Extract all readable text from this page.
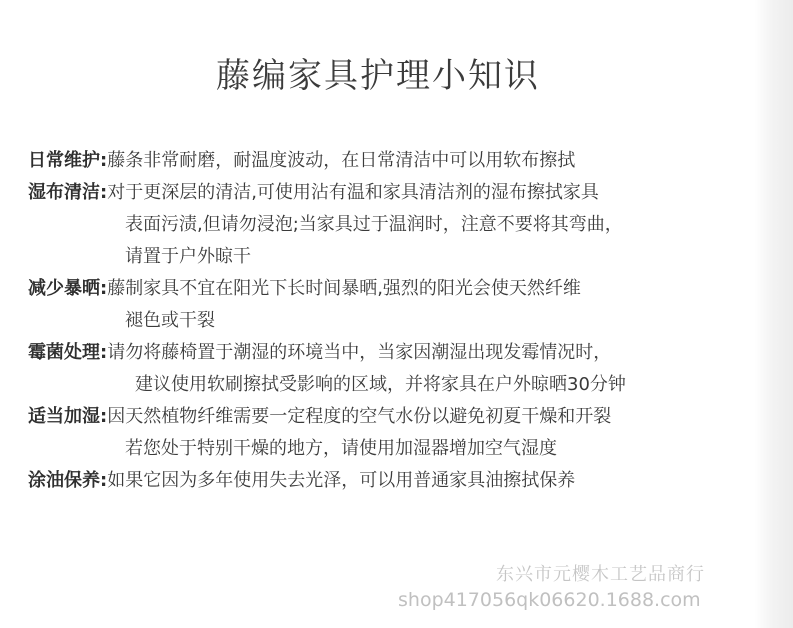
藤编家具护理小知识
日常维护:藤条非常耐磨，耐温度波动，在日常清洁中可以用软布擦拭
湿布清洁:对于更深层的清洁,可使用沾有温和家具清洁剂的湿布擦拭家具
表面污渍,但请勿浸泡;当家具过于温润时，注意不要将其弯曲，
请置于户外晾干
减少暴晒:藤制家具不宜在阳光下长时间暴晒,强烈的阳光会使天然纤维
褪色或干裂
霉菌处理:请勿将藤椅置于潮湿的环境当中，当家因潮湿出现发霉情况时，
建议使用软刷擦拭受影响的区域，并将家具在户外晾晒30分钟
适当加湿:因天然植物纤维需要一定程度的空气水份以避免初夏干燥和开裂
若您处于特别干燥的地方，请使用加湿器增加空气湿度
涂油保养:如果它因为多年使用失去光泽，可以用普通家具油擦拭保养
东兴市元樱木工艺品商行
shop417056qk06620.1688.com
